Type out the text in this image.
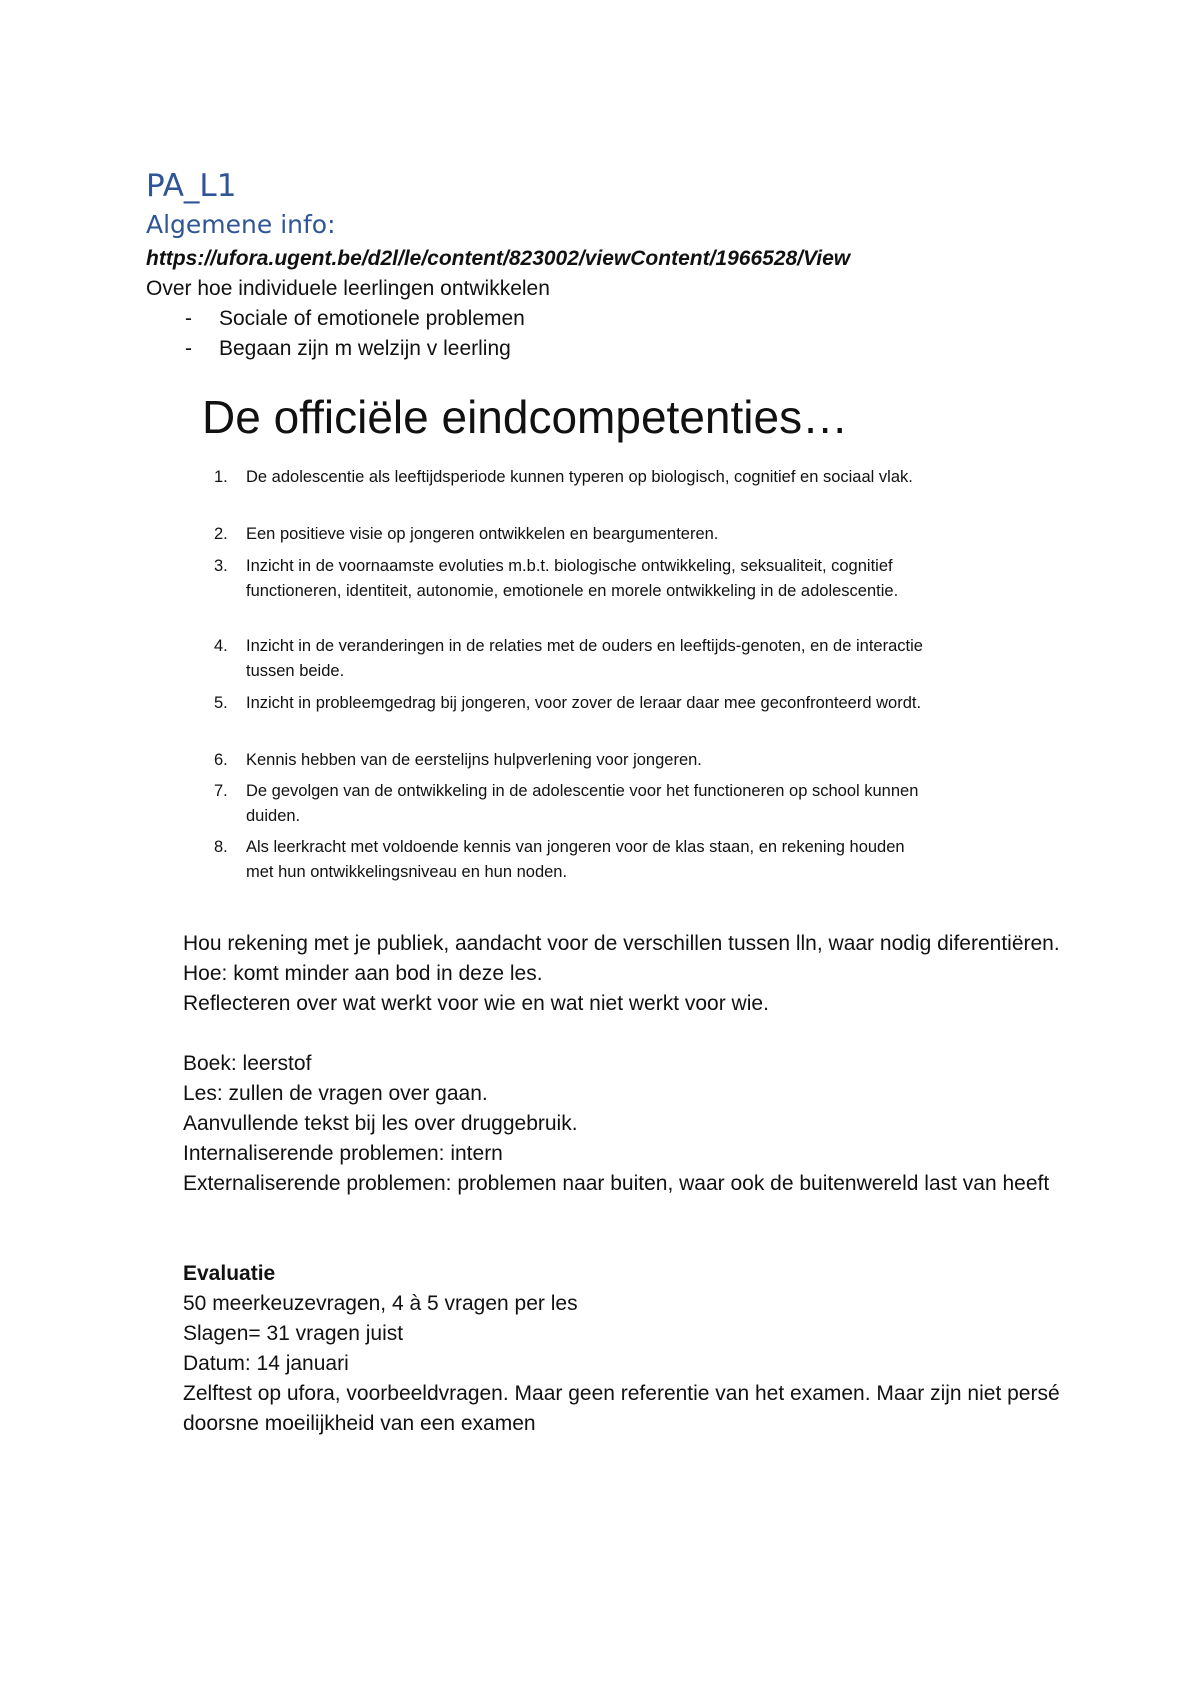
PA_L1
Algemene info:
https://ufora.ugent.be/d2l/le/content/823002/viewContent/1966528/View
Over hoe individuele leerlingen ontwikkelen
- Sociale of emotionele problemen
- Begaan zijn m welzijn v leerling
De officiële eindcompetenties…
1.	De adolescentie als leeftijdsperiode kunnen typeren op biologisch, cognitief en sociaal vlak.
2.	Een positieve visie op jongeren ontwikkelen en beargumenteren.
3.	Inzicht in de voornaamste evoluties m.b.t. biologische ontwikkeling, seksualiteit, cognitief functioneren, identiteit, autonomie, emotionele en morele ontwikkeling in de adolescentie.
4.	Inzicht in de veranderingen in de relaties met de ouders en leeftijds-genoten, en de interactie tussen beide.
5.	Inzicht in probleemgedrag bij jongeren, voor zover de leraar daar mee geconfronteerd wordt.
6.	Kennis hebben van de eerstelijns hulpverlening voor jongeren.
7.	De gevolgen van de ontwikkeling in de adolescentie voor het functioneren op school kunnen duiden.
8.	Als leerkracht met voldoende kennis van jongeren voor de klas staan, en rekening houden met hun ontwikkelingsniveau en hun noden.
Hou rekening met je publiek, aandacht voor de verschillen tussen lln, waar nodig diferentiëren. Hoe: komt minder aan bod in deze les.
Reflecteren over wat werkt voor wie en wat niet werkt voor wie.
Boek: leerstof
Les: zullen de vragen over gaan.
Aanvullende tekst bij les over druggebruik.
Internaliserende problemen: intern
Externaliserende problemen: problemen naar buiten, waar ook de buitenwereld last van heeft
Evaluatie
50 meerkeuzevragen, 4 à 5 vragen per les
Slagen= 31 vragen juist
Datum: 14 januari
Zelftest op ufora, voorbeeldvragen. Maar geen referentie van het examen. Maar zijn niet persé doorsne moeilijkheid van een examen
